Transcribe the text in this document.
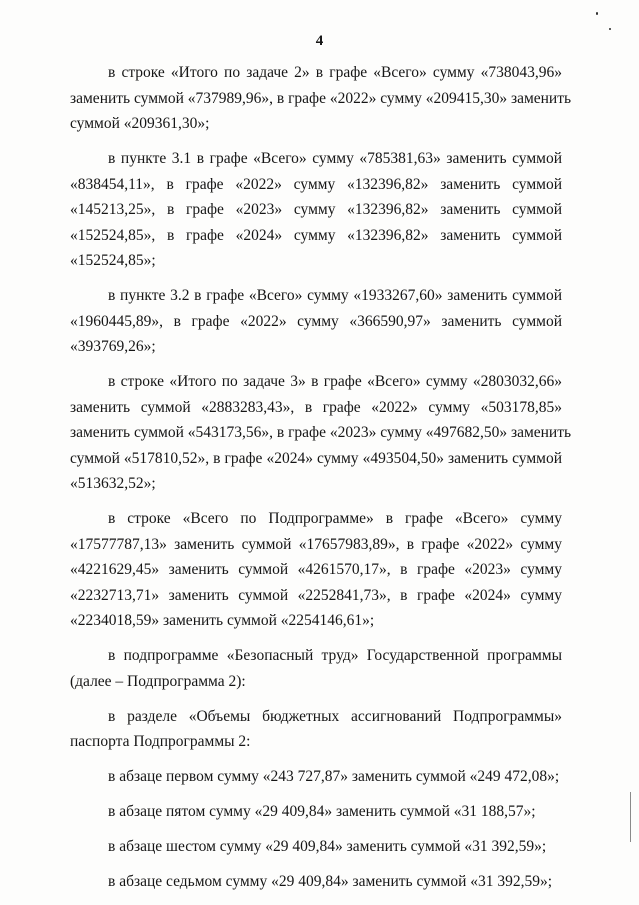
4

в строке «Итого по задаче 2» в графе «Всего» сумму «738043,96»
заменить суммой «737989,96», в графе «2022» сумму «209415,30» заменить
суммой «209361,30»;

в пункте 3.1 в графе «Всего» сумму «785381,63» заменить суммой
«838454,11», в графе «2022» сумму «132396,82» заменить суммой
«145213,25», в графе «2023» сумму «132396,82» заменить суммой
«152524,85», в графе «2024» сумму «132396,82» заменить суммой
«152524,85»;

в пункте 3.2 в графе «Всего» сумму «1933267,60» заменить суммой
«1960445,89», в графе «2022» сумму «366590,97» заменить суммой
«393769,26»;

в строке «Итого по задаче 3» в графе «Всего» сумму «2803032,66»
заменить суммой «2883283,43», в графе «2022» сумму «503178,85»
заменить суммой «543173,56», в графе «2023» сумму «497682,50» заменить
суммой «517810,52», в графе «2024» сумму «493504,50» заменить суммой
«513632,52»;

в строке «Всего по Подпрограмме» в графе «Всего» сумму
«17577787,13» заменить суммой «17657983,89», в графе «2022» сумму
«4221629,45» заменить суммой «4261570,17», в графе «2023» сумму
«2232713,71» заменить суммой «2252841,73», в графе «2024» сумму
«2234018,59» заменить суммой «2254146,61»;

в подпрограмме «Безопасный труд» Государственной программы
(далее – Подпрограмма 2):

в разделе «Объемы бюджетных ассигнований Подпрограммы»
паспорта Подпрограммы 2:

в абзаце первом сумму «243 727,87» заменить суммой «249 472,08»;

в абзаце пятом сумму «29 409,84» заменить суммой «31 188,57»;

в абзаце шестом сумму «29 409,84» заменить суммой «31 392,59»;

в абзаце седьмом сумму «29 409,84» заменить суммой «31 392,59»;
